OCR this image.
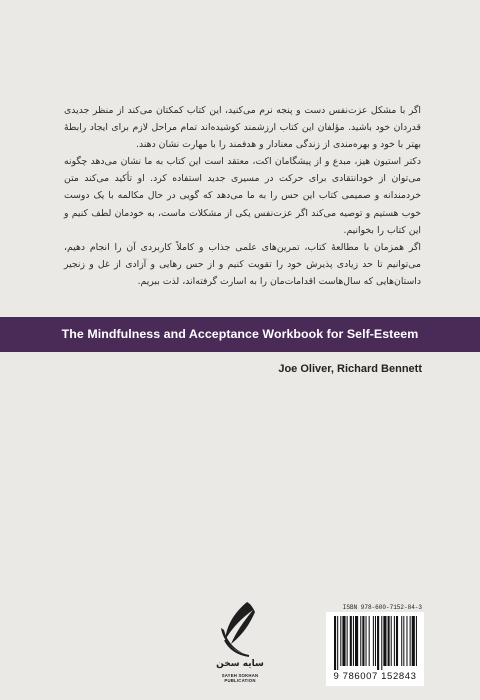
اگر با مشکل عزت‌نفس دست و پنجه نرم می‌کنید، این کتاب کمکتان می‌کند از منظر جدیدی قدردان خود باشید. مؤلفان این کتاب ارزشمند کوشیده‌اند تمام مراحل لازم برای ایجاد رابطهٔ بهتر با خود و بهره‌مندی از زندگی معنادار و هدفمند را با مهارت نشان دهند.

دکتر استیون هیز، مبدع و از پیشگامان اکت، معتقد است این کتاب به ما نشان می‌دهد چگونه می‌توان از خودانتقادی برای حرکت در مسیری جدید استفاده کرد. او تأکید می‌کند متن خردمندانه و صمیمی کتاب این حس را به ما می‌دهد که گویی در حال مکالمه با یک دوست خوب هستیم و توصیه می‌کند اگر عزت‌نفس یکی از مشکلات ماست، به خودمان لطف کنیم و این کتاب را بخوانیم.

اگر همزمان با مطالعهٔ کتاب، تمرین‌های علمی جذاب و کاملاً کاربردی آن را انجام دهیم، می‌توانیم تا حد زیادی پذیرش خود را تقویت کنیم و از حس رهایی و آزادی از غل و زنجیر داستان‌هایی که سال‌هاست اقدامات‌مان را به اسارت گرفته‌اند، لذت ببریم.

The Mindfulness and Acceptance Workbook for Self-Esteem
Joe Oliver, Richard Bennett
سایه سخن
SAYEH SOKHAN
PUBLICATION
ISBN 978-600-7152-84-3
9 786007 152843
